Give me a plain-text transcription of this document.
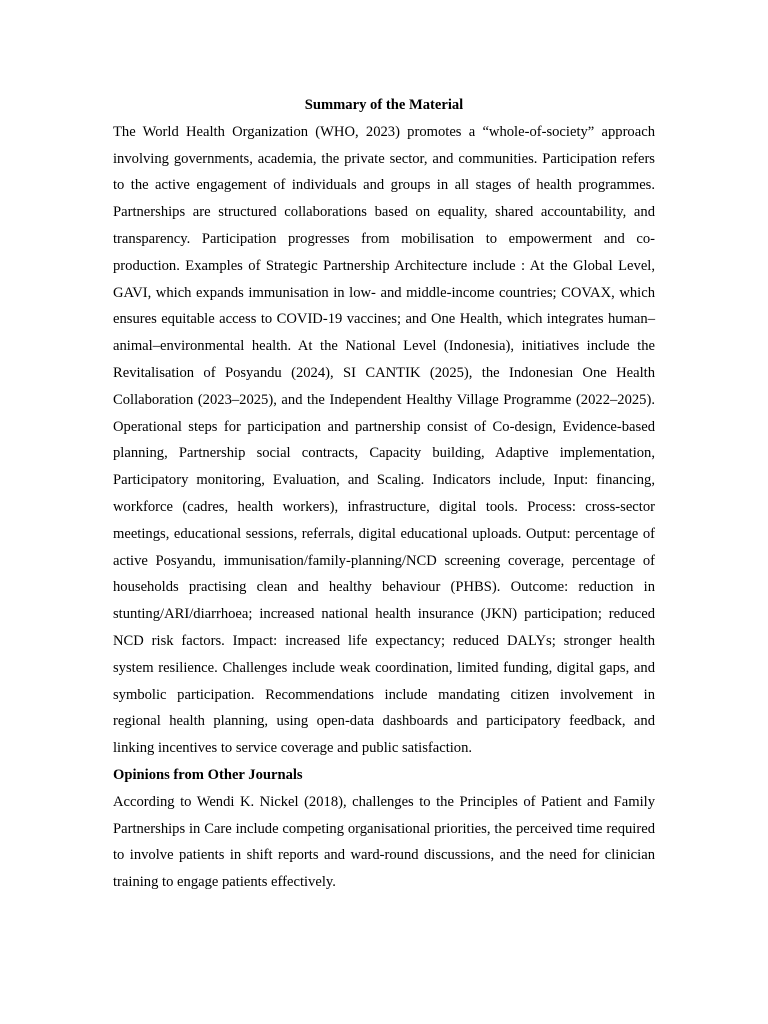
Summary of the Material

The World Health Organization (WHO, 2023) promotes a “whole-of-society” approach involving governments, academia, the private sector, and communities. Participation refers to the active engagement of individuals and groups in all stages of health programmes. Partnerships are structured collaborations based on equality, shared accountability, and transparency. Participation progresses from mobilisation to empowerment and co-production. Examples of Strategic Partnership Architecture include : At the Global Level, GAVI, which expands immunisation in low- and middle-income countries; COVAX, which ensures equitable access to COVID-19 vaccines; and One Health, which integrates human–animal–environmental health. At the National Level (Indonesia), initiatives include the Revitalisation of Posyandu (2024), SI CANTIK (2025), the Indonesian One Health Collaboration (2023–2025), and the Independent Healthy Village Programme (2022–2025). Operational steps for participation and partnership consist of Co-design, Evidence-based planning, Partnership social contracts, Capacity building, Adaptive implementation, Participatory monitoring, Evaluation, and Scaling. Indicators include, Input: financing, workforce (cadres, health workers), infrastructure, digital tools. Process: cross-sector meetings, educational sessions, referrals, digital educational uploads. Output: percentage of active Posyandu, immunisation/family-planning/NCD screening coverage, percentage of households practising clean and healthy behaviour (PHBS). Outcome: reduction in stunting/ARI/diarrhoea; increased national health insurance (JKN) participation; reduced NCD risk factors. Impact: increased life expectancy; reduced DALYs; stronger health system resilience. Challenges include weak coordination, limited funding, digital gaps, and symbolic participation. Recommendations include mandating citizen involvement in regional health planning, using open-data dashboards and participatory feedback, and linking incentives to service coverage and public satisfaction.

Opinions from Other Journals

According to Wendi K. Nickel (2018), challenges to the Principles of Patient and Family Partnerships in Care include competing organisational priorities, the perceived time required to involve patients in shift reports and ward-round discussions, and the need for clinician training to engage patients effectively.
